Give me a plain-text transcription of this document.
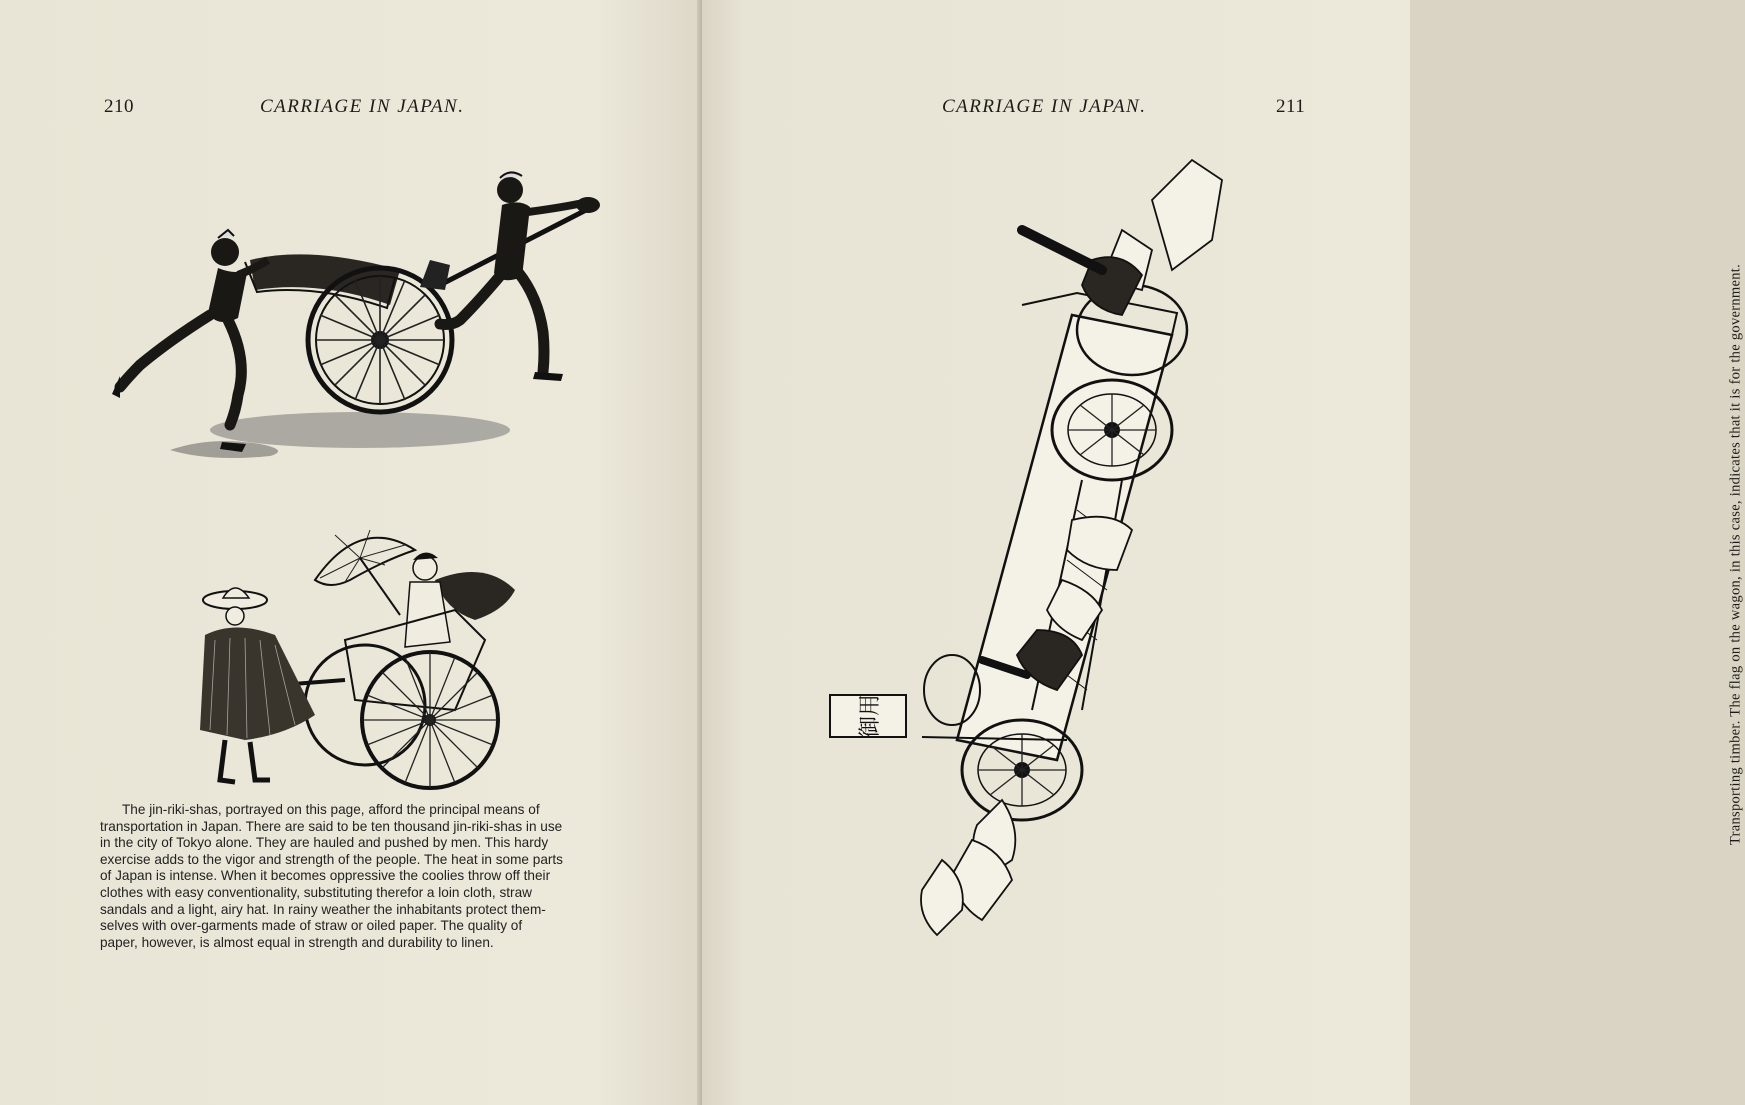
210	CARRIAGE IN JAPAN.
The jin-riki-shas, portrayed on this page, afford the principal means of
transportation in Japan. There are said to be ten thousand jin-riki-shas in use
in the city of Tokyo alone. They are hauled and pushed by men. This hardy
exercise adds to the vigor and strength of the people. The heat in some parts
of Japan is intense. When it becomes oppressive the coolies throw off their
clothes with easy conventionality, substituting therefor a loin cloth, straw
sandals and a light, airy hat. In rainy weather the inhabitants protect them-
selves with over-garments made of straw or oiled paper. The quality of
paper, however, is almost equal in strength and durability to linen.
CARRIAGE IN JAPAN.	211
御用	Transporting timber. The flag on the wagon, in this case, indicates that it is for the government.
